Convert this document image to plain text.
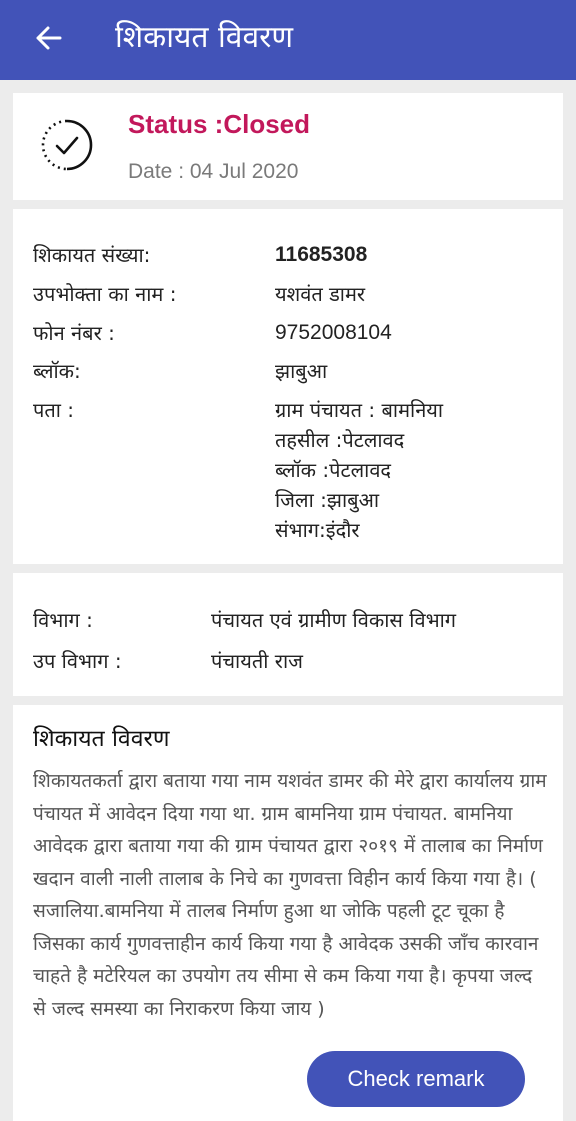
शिकायत विवरण
Status :Closed
Date : 04 Jul 2020
शिकायत संख्या:	11685308
उपभोक्ता का नाम :	यशवंत डामर
फोन नंबर :	9752008104
ब्लॉक:	झाबुआ
पता :	ग्राम पंचायत : बामनिया
तहसील :पेटलावद
ब्लॉक :पेटलावद
जिला :झाबुआ
संभाग:इंदौर
विभाग :	पंचायत एवं ग्रामीण विकास विभाग
उप विभाग :	पंचायती राज
शिकायत विवरण
शिकायतकर्ता द्वारा बताया गया नाम यशवंत डामर की मेरे द्वारा कार्यालय ग्राम पंचायत में आवेदन दिया गया था. ग्राम बामनिया ग्राम पंचायत. बामनिया आवेदक द्वारा बताया गया की ग्राम पंचायत द्वारा २०१९ में तालाब का निर्माण खदान वाली नाली तालाब के निचे का गुणवत्ता विहीन कार्य किया गया है। ( सजालिया.बामनिया में तालब निर्माण हुआ था जोकि पहली टूट चूका है जिसका कार्य गुणवत्ताहीन कार्य किया गया है आवेदक उसकी जाँच कारवान चाहते है मटेरियल का उपयोग तय सीमा से कम किया गया है। कृपया जल्द से जल्द समस्या का निराकरण किया जाय )
Check remark
